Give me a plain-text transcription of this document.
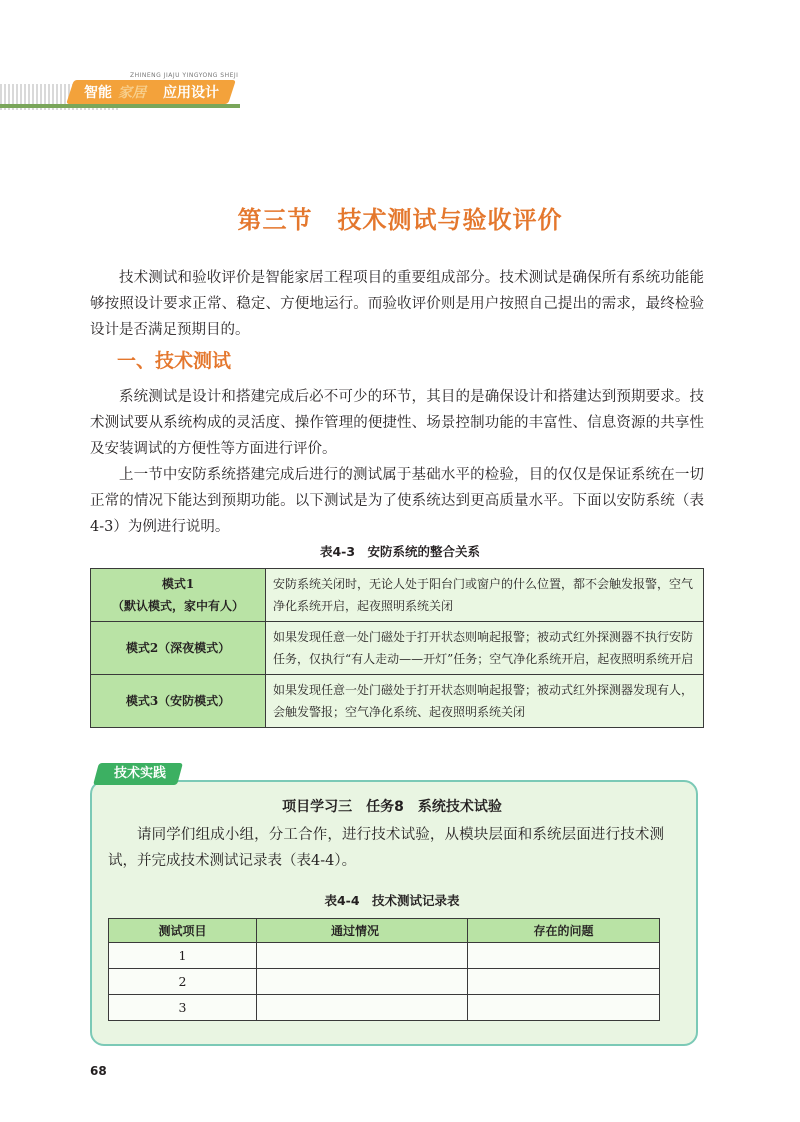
ZHINENG JIAJU YINGYONG SHEJI
智能 家居 应用设计
第三节　技术测试与验收评价
技术测试和验收评价是智能家居工程项目的重要组成部分。技术测试是确保所有系统功能能够按照设计要求正常、稳定、方便地运行。而验收评价则是用户按照自己提出的需求，最终检验设计是否满足预期目的。
一、技术测试
系统测试是设计和搭建完成后必不可少的环节，其目的是确保设计和搭建达到预期要求。技术测试要从系统构成的灵活度、操作管理的便捷性、场景控制功能的丰富性、信息资源的共享性及安装调试的方便性等方面进行评价。
上一节中安防系统搭建完成后进行的测试属于基础水平的检验，目的仅仅是保证系统在一切正常的情况下能达到预期功能。以下测试是为了使系统达到更高质量水平。下面以安防系统（表4-3）为例进行说明。
表4-3　安防系统的整合关系
模式1
（默认模式，家中有人）	安防系统关闭时，无论人处于阳台门或窗户的什么位置，都不会触发报警，空气净化系统开启，起夜照明系统关闭
模式2（深夜模式）	如果发现任意一处门磁处于打开状态则响起报警；被动式红外探测器不执行安防任务，仅执行“有人走动——开灯”任务；空气净化系统开启，起夜照明系统开启
模式3（安防模式）	如果发现任意一处门磁处于打开状态则响起报警；被动式红外探测器发现有人，会触发警报；空气净化系统、起夜照明系统关闭
技术实践
项目学习三　任务8　系统技术试验
请同学们组成小组，分工合作，进行技术试验，从模块层面和系统层面进行技术测试，并完成技术测试记录表（表4-4）。
表4-4　技术测试记录表
测试项目	通过情况	存在的问题
1		
2		
3		
68
